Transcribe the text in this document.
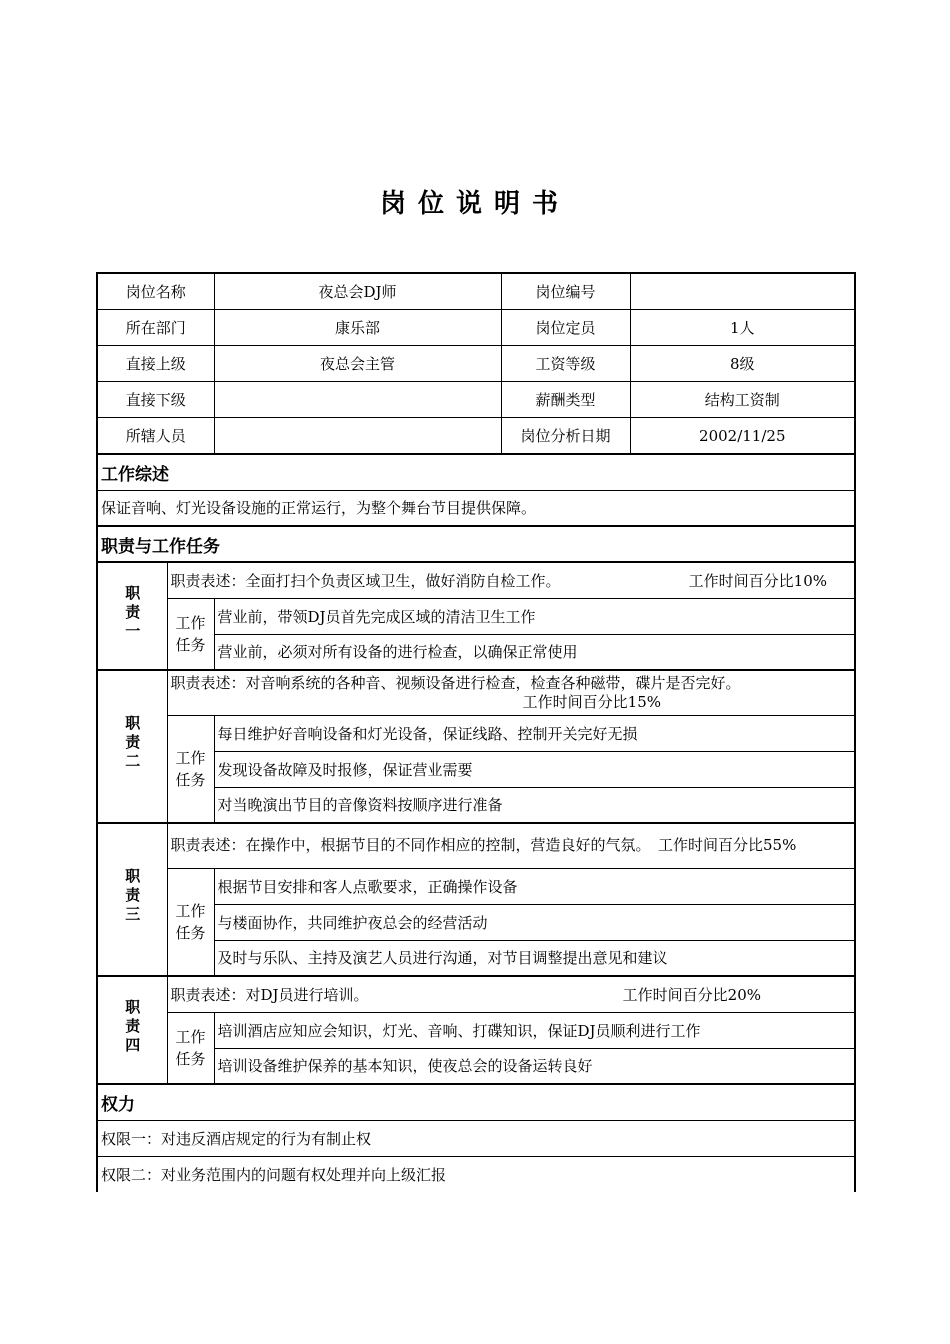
岗位说明书
岗位名称		夜总会DJ师	岗位编号	
所在部门		康乐部	岗位定员	1人
直接上级		夜总会主管	工资等级	8级
直接下级			薪酬类型	结构工资制
所辖人员			岗位分析日期	2002/11/25
工作综述				
保证音响、灯光设备设施的正常运行，为整个舞台节目提供保障。				
职责与工作任务				
职责一	职责表述：全面打扫个负责区域卫生，做好消防自检工作。 工作时间百分比10%			

	工作任务	营业前，带领DJ员首先完成区域的清洁卫生工作		
		营业前，必须对所有设备的进行检查，以确保正常使用		
职责二	职责表述：对音响系统的各种音、视频设备进行检查，检查各种磁带，碟片是否完好。
工作时间百分比15%			

	工作任务	每日维护好音响设备和灯光设备，保证线路、控制开关完好无损		
		发现设备故障及时报修，保证营业需要		
		对当晚演出节目的音像资料按顺序进行准备		
职责三	职责表述：在操作中，根据节目的不同作相应的控制，营造良好的气氛。　工作时间百分比55%			
	工作任务	根据节目安排和客人点歌要求，正确操作设备		
		与楼面协作，共同维护夜总会的经营活动		
		及时与乐队、主持及演艺人员进行沟通，对节目调整提出意见和建议		
职责四	职责表述：对DJ员进行培训。 工作时间百分比20%			

	工作任务	培训酒店应知应会知识，灯光、音响、打碟知识，保证DJ员顺利进行工作		
		培训设备维护保养的基本知识，使夜总会的设备运转良好		
权力				
权限一：对违反酒店规定的行为有制止权				
权限二：对业务范围内的问题有权处理并向上级汇报				
